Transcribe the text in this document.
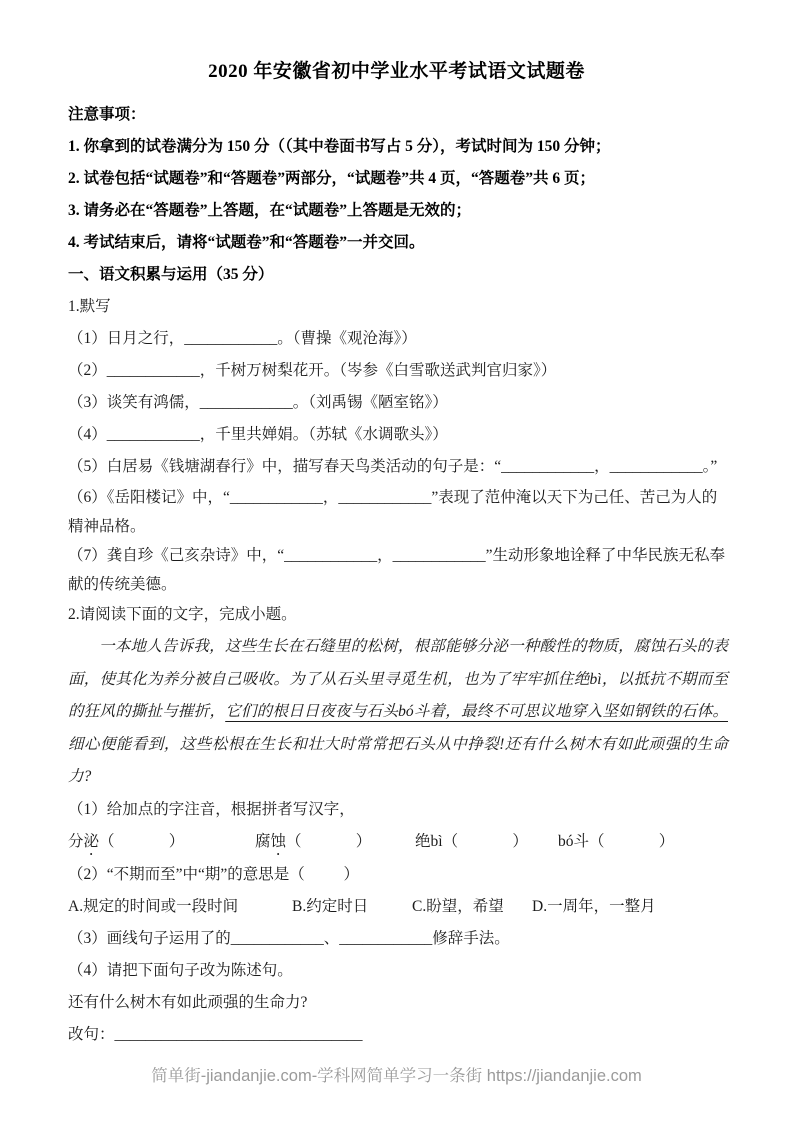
2020 年安徽省初中学业水平考试语文试题卷
注意事项：
1. 你拿到的试卷满分为 150 分（（其中卷面书写占 5 分），考试时间为 150 分钟；
2. 试卷包括“试题卷”和“答题卷”两部分，“试题卷”共 4 页，“答题卷”共 6 页；
3. 请务必在“答题卷”上答题，在“试题卷”上答题是无效的；
4. 考试结束后，请将“试题卷”和“答题卷”一并交回。
一、语文积累与运用（35 分）
1.默写
（1）日月之行，____________。（曹操《观沧海》）
（2）____________，千树万树梨花开。（岑参《白雪歌送武判官归家》）
（3）谈笑有鸿儒，____________。（刘禹锡《陋室铭》）
（4）____________，千里共婵娟。（苏轼《水调歌头》）
（5）白居易《钱塘湖春行》中，描写春天鸟类活动的句子是：“____________，____________。”
（6）《岳阳楼记》中，“____________，____________”表现了范仲淹以天下为己任、苦己为人的精神品格。
（7）龚自珍《己亥杂诗》中，“____________，____________”生动形象地诠释了中华民族无私奉献的传统美德。
2.请阅读下面的文字，完成小题。
一本地人告诉我，这些生长在石缝里的松树，根部能够分泌一种酸性的物质，腐蚀石头的表面，使其化为养分被自己吸收。为了从石头里寻觅生机，也为了牢牢抓住绝bì，以抵抗不期而至的狂风的撕扯与摧折，它们的根日日夜夜与石头bó斗着，最终不可思议地穿入坚如钢铁的石体。细心便能看到，这些松根在生长和壮大时常常把石头从中挣裂!还有什么树木有如此顽强的生命力?
（1）给加点的字注音，根据拼者写汉字，
分泌（              ）	腐蚀（              ）	绝bì（              ） bó斗（              ）
（2）“不期而至”中“期”的意思是（          ）
A.规定的时间或一段时间	B.约定时日	C.盼望，希望 D.一周年，一整月
（3）画线句子运用了的____________、____________修辞手法。
（4）请把下面句子改为陈述句。
还有什么树木有如此顽强的生命力?
改句：________________________________
简单街-jiandanjie.com-学科网简单学习一条街 https://jiandanjie.com
